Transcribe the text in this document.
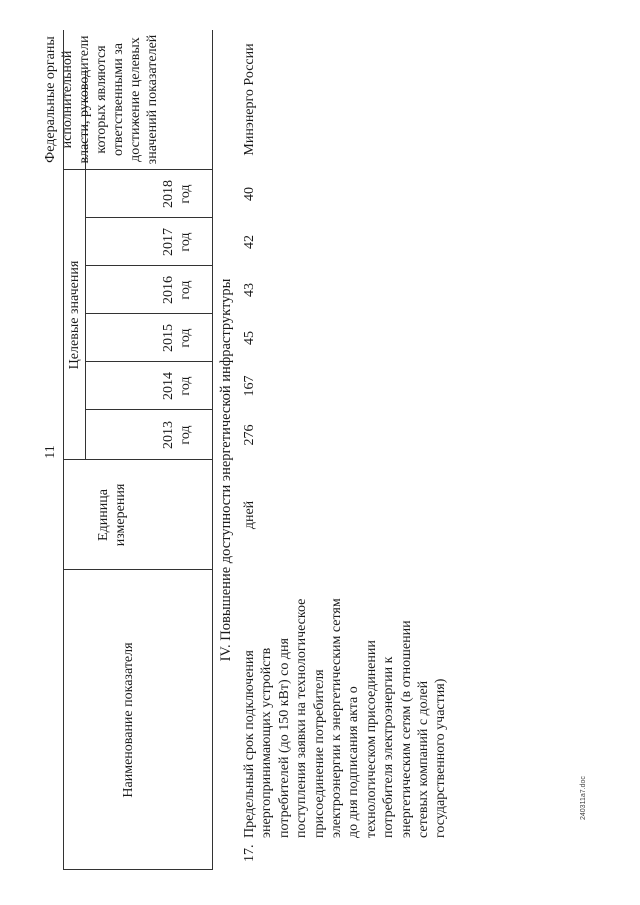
11
Наименование показателя
Единица измерения
Целевые значения
2013 год
2014 год
2015 год
2016 год
2017 год
2018 год
Федеральные органы исполнительной власти, руководители которых являются ответственными за достижение целевых значений показателей
IV. Повышение доступности энергетической инфраструктуры
17.
Предельный срок подключения энергопринимающих устройств потребителей (до 150 кВт) со дня поступления заявки на технологическое присоединение потребителя электроэнергии к энергетическим сетям до дня подписания акта о технологическом присоединении потребителя электроэнергии к энергетическим сетям (в отношении сетевых компаний с долей государственного участия)
дней
276
167
45
43
42
40
Минэнерго России
240311a7.doc
